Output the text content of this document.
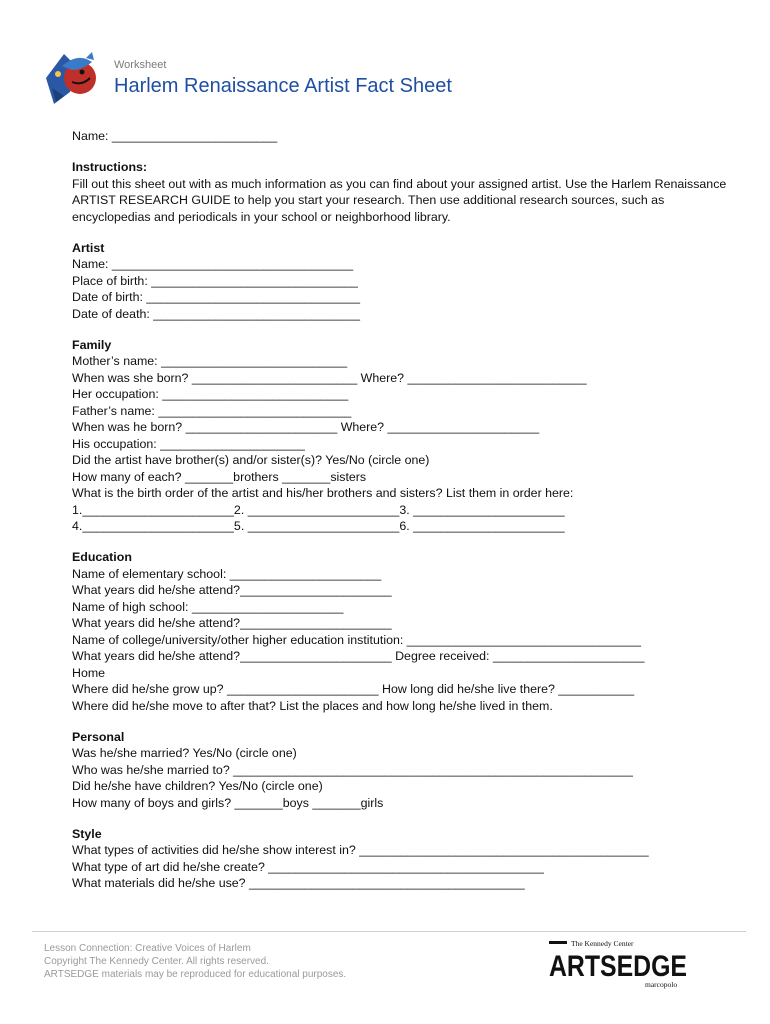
Worksheet
Harlem Renaissance Artist Fact Sheet

Name: ________________________

Instructions:

Fill out this sheet out with as much information as you can find about your assigned artist. Use the Harlem Renaissance ARTIST RESEARCH GUIDE to help you start your research. Then use additional research sources, such as encyclopedias and periodicals in your school or neighborhood library.

Artist

Name: ___________________________________

Place of birth: ______________________________

Date of birth: _______________________________

Date of death: ______________________________

Family

Mother’s name: ___________________________

When was she born? ________________________ Where? __________________________

Her occupation: ___________________________

Father’s name: ____________________________

When was he born? ______________________ Where? ______________________

His occupation: _____________________

Did the artist have brother(s) and/or sister(s)? Yes/No (circle one)

How many of each? _______brothers _______sisters

What is the birth order of the artist and his/her brothers and sisters? List them in order here:

1.______________________2. ______________________3. ______________________

4.______________________5. ______________________6. ______________________

Education

Name of elementary school: ______________________

What years did he/she attend?______________________

Name of high school: ______________________

What years did he/she attend?______________________

Name of college/university/other higher education institution: __________________________________

What years did he/she attend?______________________ Degree received: ______________________

Home

Where did he/she grow up? ______________________ How long did he/she live there? ___________

Where did he/she move to after that? List the places and how long he/she lived in them.

Personal

Was he/she married? Yes/No (circle one)

Who was he/she married to? __________________________________________________________

Did he/she have children? Yes/No (circle one)

How many of boys and girls? _______boys _______girls

Style

What types of activities did he/she show interest in? __________________________________________

What type of art did he/she create? ________________________________________

What materials did he/she use? ________________________________________

Lesson Connection: Creative Voices of Harlem

Copyright The Kennedy Center. All rights reserved.

ARTSEDGE materials may be reproduced for educational purposes.

The Kennedy Center
ARTSEDGE
marcopolo
